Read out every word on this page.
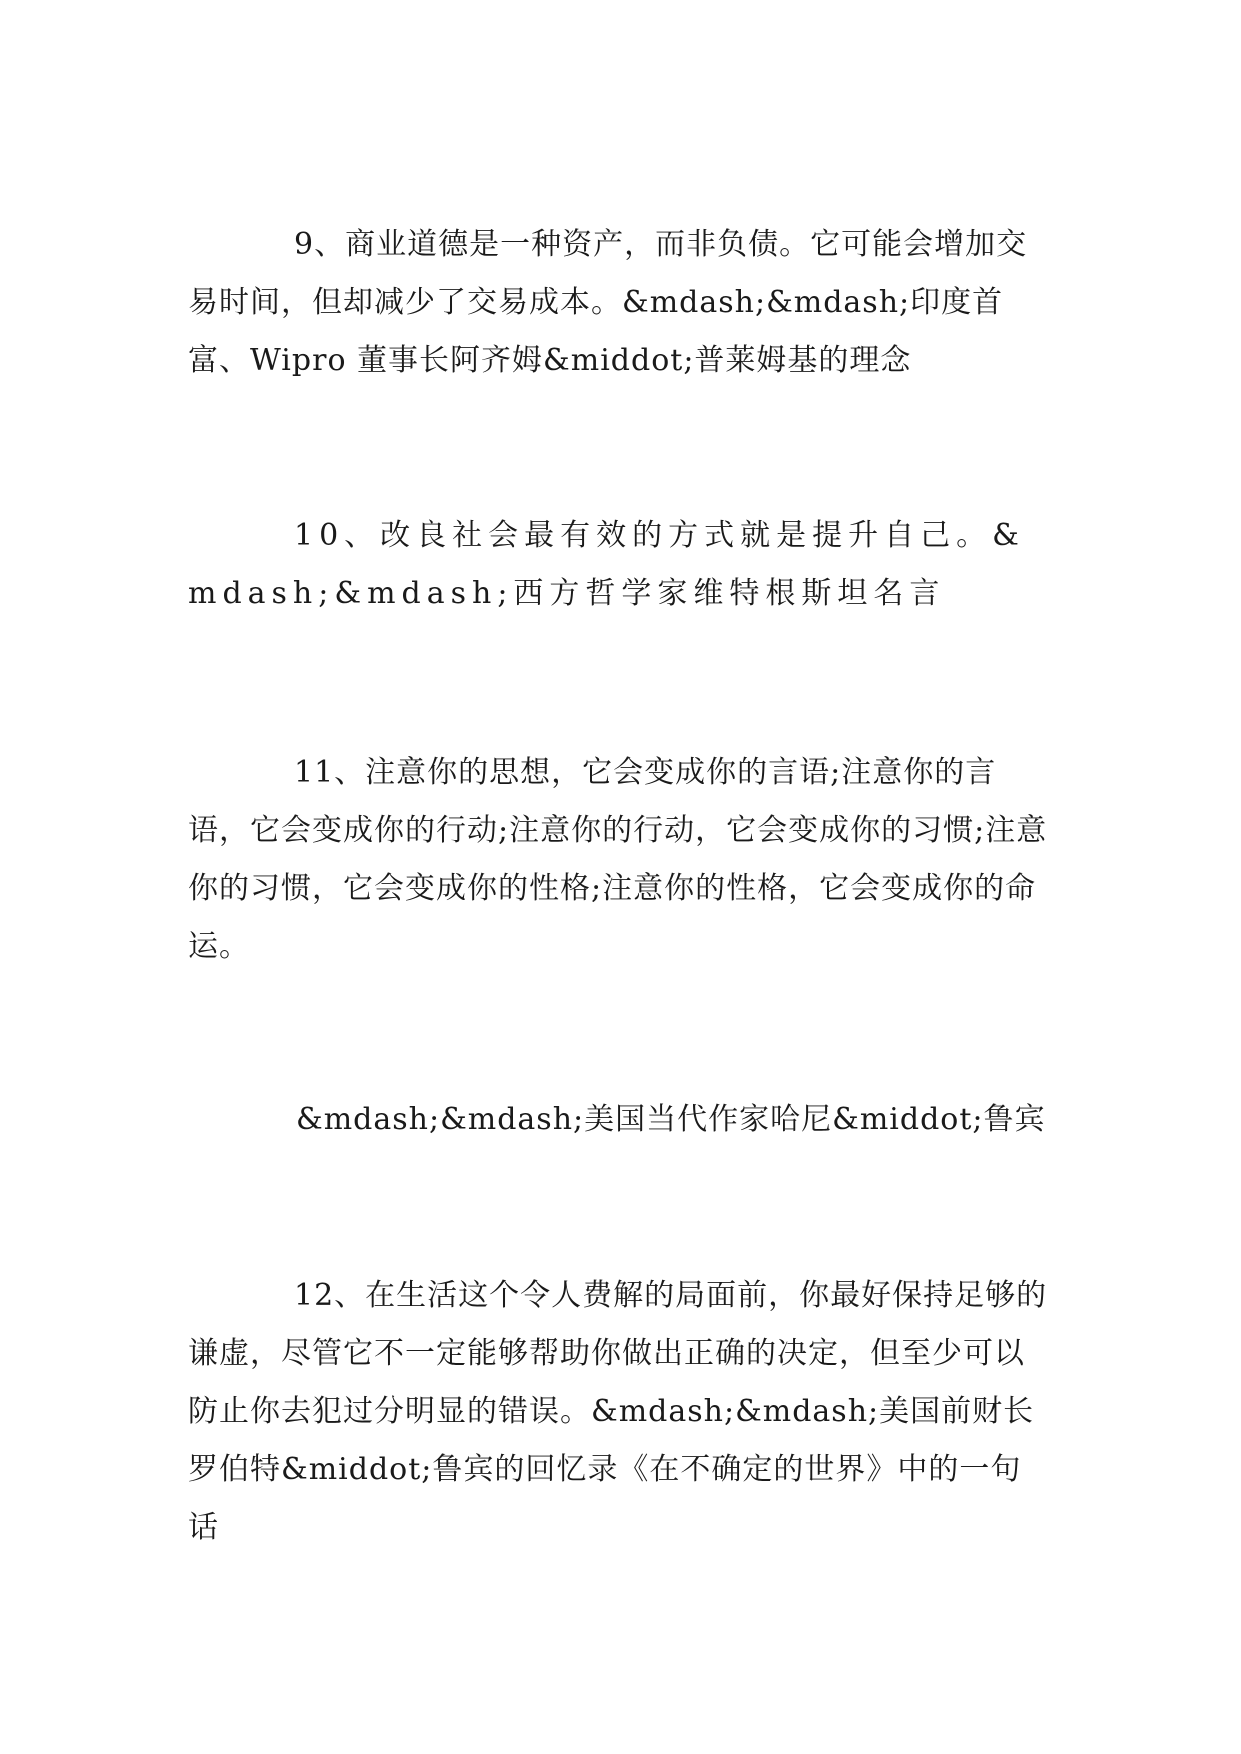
9、商业道德是一种资产，而非负债。它可能会增加交易时间，但却减少了交易成本。&mdash;&mdash;印度首富、Wipro 董事长阿齐姆&middot;普莱姆基的理念

10、改良社会最有效的方式就是提升自己。&mdash;&mdash;西方哲学家维特根斯坦名言

11、注意你的思想，它会变成你的言语;注意你的言语，它会变成你的行动;注意你的行动，它会变成你的习惯;注意你的习惯，它会变成你的性格;注意你的性格，它会变成你的命运。

&mdash;&mdash;美国当代作家哈尼&middot;鲁宾

12、在生活这个令人费解的局面前，你最好保持足够的谦虚，尽管它不一定能够帮助你做出正确的决定，但至少可以防止你去犯过分明显的错误。&mdash;&mdash;美国前财长罗伯特&middot;鲁宾的回忆录《在不确定的世界》中的一句话
